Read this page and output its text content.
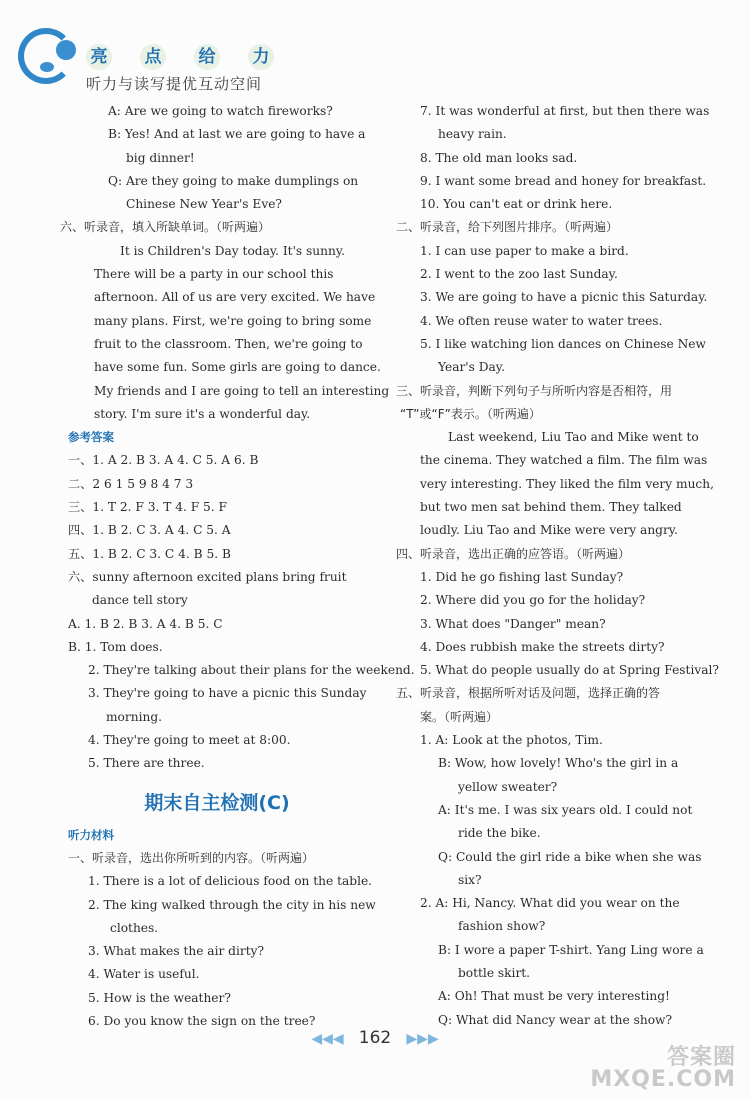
亮 点 给 力
听力与读写提优互动空间
A: Are we going to watch fireworks?
B: Yes! And at last we are going to have a
big dinner!
Q: Are they going to make dumplings on
Chinese New Year's Eve?
六、听录音，填入所缺单词。（听两遍）
It is Children's Day today. It's sunny.
There will be a party in our school this
afternoon. All of us are very excited. We have
many plans. First, we're going to bring some
fruit to the classroom. Then, we're going to
have some fun. Some girls are going to dance.
My friends and I are going to tell an interesting
story. I'm sure it's a wonderful day.
参考答案
一、1. A 2. B 3. A 4. C 5. A 6. B
二、2 6 1 5 9 8 4 7 3
三、1. T 2. F 3. T 4. F 5. F
四、1. B 2. C 3. A 4. C 5. A
五、1. B 2. C 3. C 4. B 5. B
六、sunny afternoon excited plans bring fruit
dance tell story
A. 1. B 2. B 3. A 4. B 5. C
B. 1. Tom does.
2. They're talking about their plans for the weekend.
3. They're going to have a picnic this Sunday
morning.
4. They're going to meet at 8:00.
5. There are three.
期末自主检测(C)
听力材料
一、听录音，选出你所听到的内容。（听两遍）
1. There is a lot of delicious food on the table.
2. The king walked through the city in his new
clothes.
3. What makes the air dirty?
4. Water is useful.
5. How is the weather?
6. Do you know the sign on the tree?
7. It was wonderful at first, but then there was
heavy rain.
8. The old man looks sad.
9. I want some bread and honey for breakfast.
10. You can't eat or drink here.
二、听录音，给下列图片排序。（听两遍）
1. I can use paper to make a bird.
2. I went to the zoo last Sunday.
3. We are going to have a picnic this Saturday.
4. We often reuse water to water trees.
5. I like watching lion dances on Chinese New
Year's Day.
三、听录音，判断下列句子与所听内容是否相符，用
“T”或“F”表示。（听两遍）
Last weekend, Liu Tao and Mike went to
the cinema. They watched a film. The film was
very interesting. They liked the film very much,
but two men sat behind them. They talked
loudly. Liu Tao and Mike were very angry.
四、听录音，选出正确的应答语。（听两遍）
1. Did he go fishing last Sunday?
2. Where did you go for the holiday?
3. What does "Danger" mean?
4. Does rubbish make the streets dirty?
5. What do people usually do at Spring Festival?
五、听录音，根据所听对话及问题，选择正确的答
案。（听两遍）
1. A: Look at the photos, Tim.
B: Wow, how lovely! Who's the girl in a
yellow sweater?
A: It's me. I was six years old. I could not
ride the bike.
Q: Could the girl ride a bike when she was
six?
2. A: Hi, Nancy. What did you wear on the
fashion show?
B: I wore a paper T-shirt. Yang Ling wore a
bottle skirt.
A: Oh! That must be very interesting!
Q: What did Nancy wear at the show?
◀◀◀ 162 ▶▶▶
答案圈
MXQE.COM
